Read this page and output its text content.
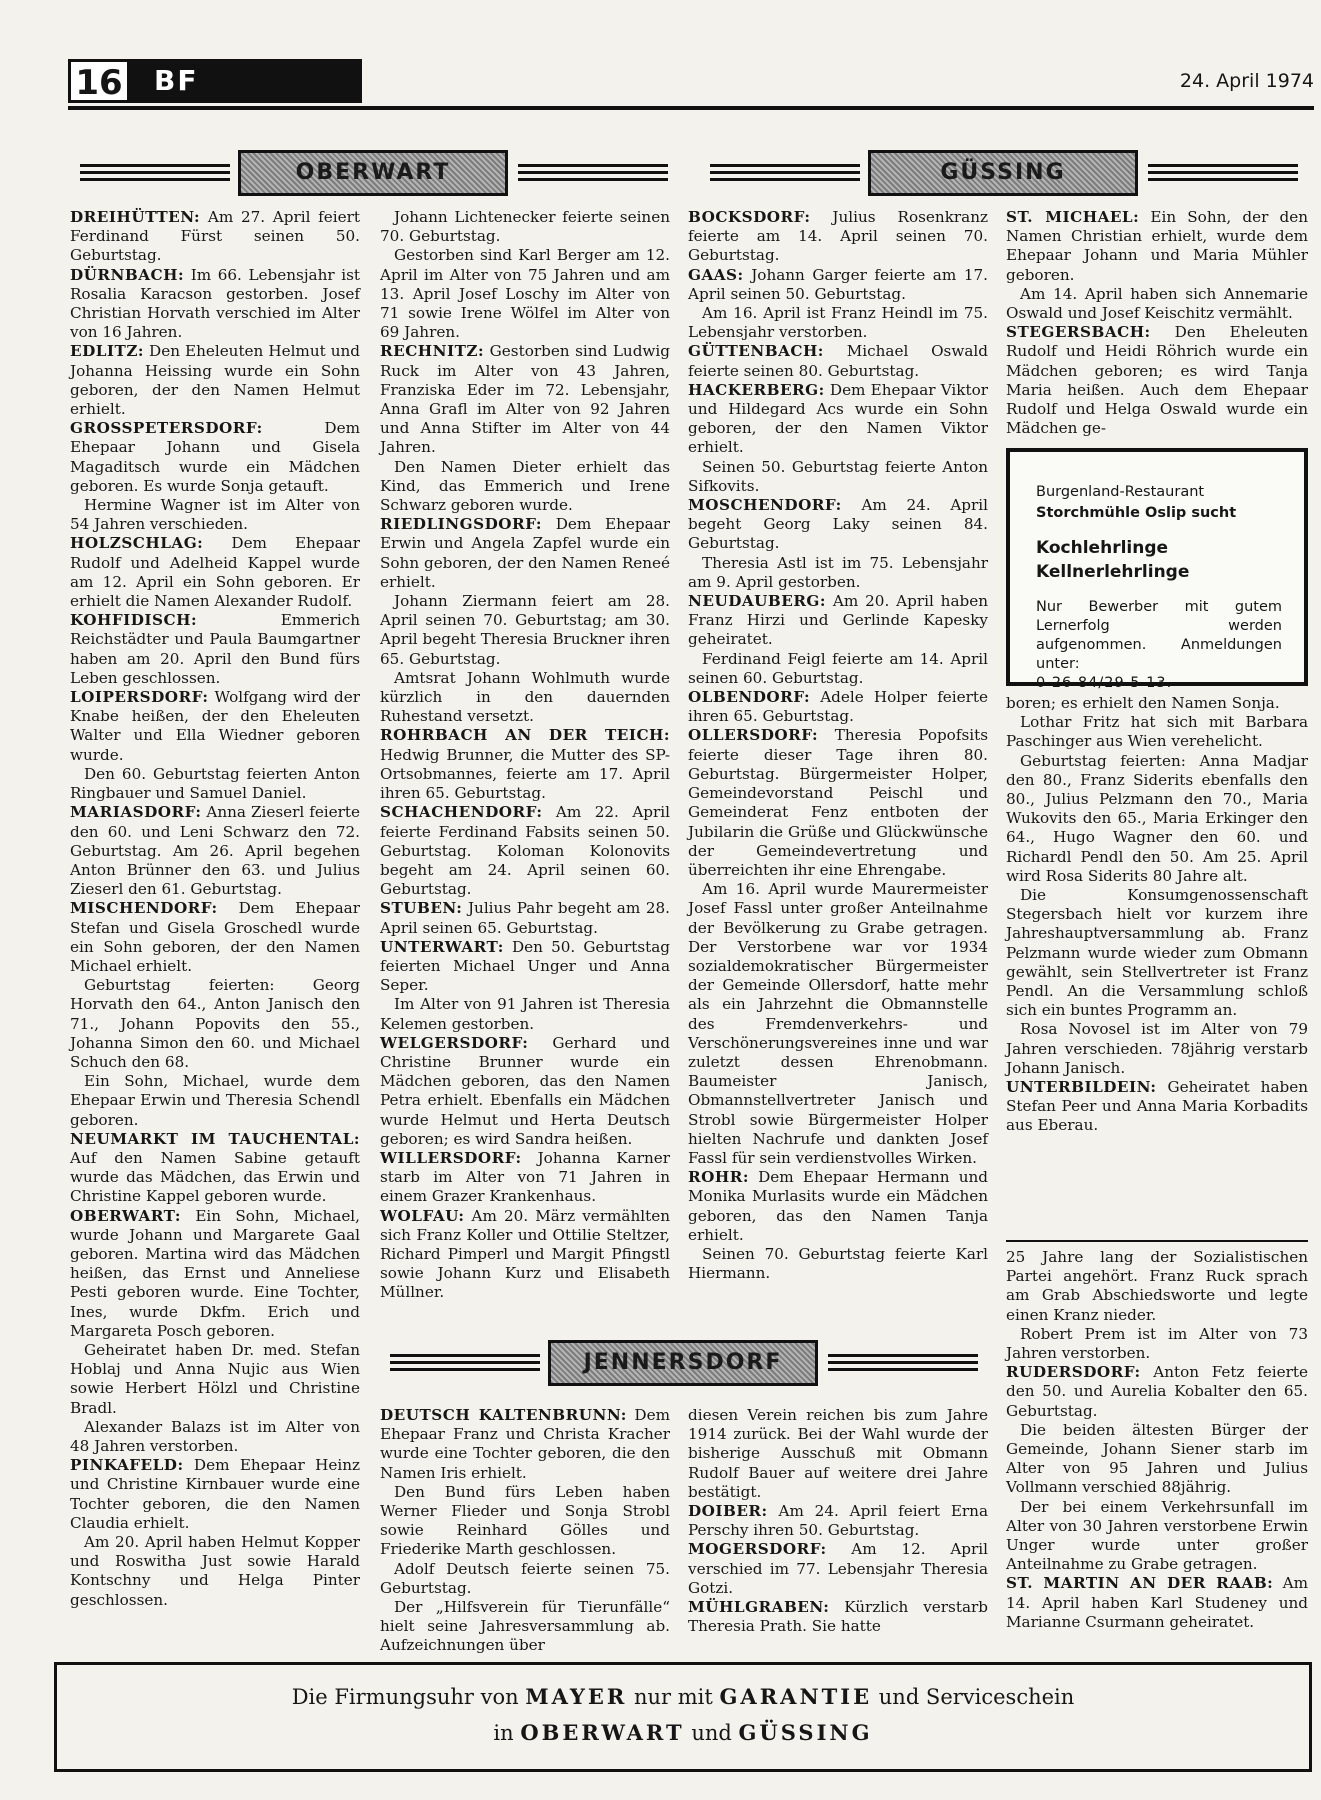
16	BF	24. April 1974
OBERWART	GÜSSING

DREIHÜTTEN: Am 27. April feiert Ferdinand Fürst seinen 50. Geburtstag.

DÜRNBACH: Im 66. Lebensjahr ist Rosalia Karacson gestorben. Josef Christian Horvath verschied im Alter von 16 Jahren.

EDLITZ: Den Eheleuten Helmut und Johanna Heissing wurde ein Sohn geboren, der den Namen Helmut erhielt.

GROSSPETERSDORF: Dem Ehepaar Johann und Gisela Magaditsch wurde ein Mädchen geboren. Es wurde Sonja getauft.

Hermine Wagner ist im Alter von 54 Jahren verschieden.

HOLZSCHLAG: Dem Ehepaar Rudolf und Adelheid Kappel wurde am 12. April ein Sohn geboren. Er erhielt die Namen Alexander Rudolf.

KOHFIDISCH: Emmerich Reichstädter und Paula Baumgartner haben am 20. April den Bund fürs Leben geschlossen.

LOIPERSDORF: Wolfgang wird der Knabe heißen, der den Eheleuten Walter und Ella Wiedner geboren wurde.

Den 60. Geburtstag feierten Anton Ringbauer und Samuel Daniel.

MARIASDORF: Anna Zieserl feierte den 60. und Leni Schwarz den 72. Geburtstag. Am 26. April begehen Anton Brünner den 63. und Julius Zieserl den 61. Geburtstag.

MISCHENDORF: Dem Ehepaar Stefan und Gisela Groschedl wurde ein Sohn geboren, der den Namen Michael erhielt.

Geburtstag feierten: Georg Horvath den 64., Anton Janisch den 71., Johann Popovits den 55., Johanna Simon den 60. und Michael Schuch den 68.

Ein Sohn, Michael, wurde dem Ehepaar Erwin und Theresia Schendl geboren.

NEUMARKT IM TAUCHENTAL: Auf den Namen Sabine getauft wurde das Mädchen, das Erwin und Christine Kappel geboren wurde.

OBERWART: Ein Sohn, Michael, wurde Johann und Margarete Gaal geboren. Martina wird das Mädchen heißen, das Ernst und Anneliese Pesti geboren wurde. Eine Tochter, Ines, wurde Dkfm. Erich und Margareta Posch geboren.

Geheiratet haben Dr. med. Stefan Hoblaj und Anna Nujic aus Wien sowie Herbert Hölzl und Christine Bradl.

Alexander Balazs ist im Alter von 48 Jahren verstorben.

PINKAFELD: Dem Ehepaar Heinz und Christine Kirnbauer wurde eine Tochter geboren, die den Namen Claudia erhielt.

Am 20. April haben Helmut Kopper und Roswitha Just sowie Harald Kontschny und Helga Pinter geschlossen.

Johann Lichtenecker feierte seinen 70. Geburtstag.

Gestorben sind Karl Berger am 12. April im Alter von 75 Jahren und am 13. April Josef Loschy im Alter von 71 sowie Irene Wölfel im Alter von 69 Jahren.

RECHNITZ: Gestorben sind Ludwig Ruck im Alter von 43 Jahren, Franziska Eder im 72. Lebensjahr, Anna Grafl im Alter von 92 Jahren und Anna Stifter im Alter von 44 Jahren.

Den Namen Dieter erhielt das Kind, das Emmerich und Irene Schwarz geboren wurde.

RIEDLINGSDORF: Dem Ehepaar Erwin und Angela Zapfel wurde ein Sohn geboren, der den Namen Reneé erhielt.

Johann Ziermann feiert am 28. April seinen 70. Geburtstag; am 30. April begeht Theresia Bruckner ihren 65. Geburtstag.

Amtsrat Johann Wohlmuth wurde kürzlich in den dauernden Ruhestand versetzt.

ROHRBACH AN DER TEICH: Hedwig Brunner, die Mutter des SP-Ortsobmannes, feierte am 17. April ihren 65. Geburtstag.

SCHACHENDORF: Am 22. April feierte Ferdinand Fabsits seinen 50. Geburtstag. Koloman Kolonovits begeht am 24. April seinen 60. Geburtstag.

STUBEN: Julius Pahr begeht am 28. April seinen 65. Geburtstag.

UNTERWART: Den 50. Geburtstag feierten Michael Unger und Anna Seper.

Im Alter von 91 Jahren ist Theresia Kelemen gestorben.

WELGERSDORF: Gerhard und Christine Brunner wurde ein Mädchen geboren, das den Namen Petra erhielt. Ebenfalls ein Mädchen wurde Helmut und Herta Deutsch geboren; es wird Sandra heißen.

WILLERSDORF: Johanna Karner starb im Alter von 71 Jahren in einem Grazer Krankenhaus.

WOLFAU: Am 20. März vermählten sich Franz Koller und Ottilie Steltzer, Richard Pimperl und Margit Pfingstl sowie Johann Kurz und Elisabeth Müllner.

BOCKSDORF: Julius Rosenkranz feierte am 14. April seinen 70. Geburtstag.

GAAS: Johann Garger feierte am 17. April seinen 50. Geburtstag.

Am 16. April ist Franz Heindl im 75. Lebensjahr verstorben.

GÜTTENBACH: Michael Oswald feierte seinen 80. Geburtstag.

HACKERBERG: Dem Ehepaar Viktor und Hildegard Acs wurde ein Sohn geboren, der den Namen Viktor erhielt.

Seinen 50. Geburtstag feierte Anton Sifkovits.

MOSCHENDORF: Am 24. April begeht Georg Laky seinen 84. Geburtstag.

Theresia Astl ist im 75. Lebensjahr am 9. April gestorben.

NEUDAUBERG: Am 20. April haben Franz Hirzi und Gerlinde Kapesky geheiratet.

Ferdinand Feigl feierte am 14. April seinen 60. Geburtstag.

OLBENDORF: Adele Holper feierte ihren 65. Geburtstag.

OLLERSDORF: Theresia Popofsits feierte dieser Tage ihren 80. Geburtstag. Bürgermeister Holper, Gemeindevorstand Peischl und Gemeinderat Fenz entboten der Jubilarin die Grüße und Glückwünsche der Gemeindevertretung und überreichten ihr eine Ehrengabe.

Am 16. April wurde Maurermeister Josef Fassl unter großer Anteilnahme der Bevölkerung zu Grabe getragen. Der Verstorbene war vor 1934 sozialdemokratischer Bürgermeister der Gemeinde Ollersdorf, hatte mehr als ein Jahrzehnt die Obmannstelle des Fremdenverkehrs- und Verschönerungsvereines inne und war zuletzt dessen Ehrenobmann. Baumeister Janisch, Obmannstellvertreter Janisch und Strobl sowie Bürgermeister Holper hielten Nachrufe und dankten Josef Fassl für sein verdienstvolles Wirken.

ROHR: Dem Ehepaar Hermann und Monika Murlasits wurde ein Mädchen geboren, das den Namen Tanja erhielt.

Seinen 70. Geburtstag feierte Karl Hiermann.

ST. MICHAEL: Ein Sohn, der den Namen Christian erhielt, wurde dem Ehepaar Johann und Maria Mühler geboren.

Am 14. April haben sich Annemarie Oswald und Josef Keischitz vermählt.

STEGERSBACH: Den Eheleuten Rudolf und Heidi Röhrich wurde ein Mädchen geboren; es wird Tanja Maria heißen. Auch dem Ehepaar Rudolf und Helga Oswald wurde ein Mädchen ge-

Burgenland-Restaurant
Storchmühle Oslip sucht
Kochlehrlinge
Kellnerlehrlinge
Nur Bewerber mit gutem Lernerfolg werden aufgenommen. Anmeldungen unter:
0 26 84/29 5 13.

boren; es erhielt den Namen Sonja.

Lothar Fritz hat sich mit Barbara Paschinger aus Wien verehelicht.

Geburtstag feierten: Anna Madjar den 80., Franz Siderits ebenfalls den 80., Julius Pelzmann den 70., Maria Wukovits den 65., Maria Erkinger den 64., Hugo Wagner den 60. und Richardl Pendl den 50. Am 25. April wird Rosa Siderits 80 Jahre alt.

Die Konsumgenossenschaft Stegersbach hielt vor kurzem ihre Jahreshauptversammlung ab. Franz Pelzmann wurde wieder zum Obmann gewählt, sein Stellvertreter ist Franz Pendl. An die Versammlung schloß sich ein buntes Programm an.

Rosa Novosel ist im Alter von 79 Jahren verschieden. 78jährig verstarb Johann Janisch.

UNTERBILDEIN: Geheiratet haben Stefan Peer und Anna Maria Korbadits aus Eberau.

25 Jahre lang der Sozialistischen Partei angehört. Franz Ruck sprach am Grab Abschiedsworte und legte einen Kranz nieder.

Robert Prem ist im Alter von 73 Jahren verstorben.

RUDERSDORF: Anton Fetz feierte den 50. und Aurelia Kobalter den 65. Geburtstag.

Die beiden ältesten Bürger der Gemeinde, Johann Siener starb im Alter von 95 Jahren und Julius Vollmann verschied 88jährig.

Der bei einem Verkehrsunfall im Alter von 30 Jahren verstorbene Erwin Unger wurde unter großer Anteilnahme zu Grabe getragen.

ST. MARTIN AN DER RAAB: Am 14. April haben Karl Studeney und Marianne Csurmann geheiratet.

JENNERSDORF

DEUTSCH KALTENBRUNN: Dem Ehepaar Franz und Christa Kracher wurde eine Tochter geboren, die den Namen Iris erhielt.

Den Bund fürs Leben haben Werner Flieder und Sonja Strobl sowie Reinhard Gölles und Friederike Marth geschlossen.

Adolf Deutsch feierte seinen 75. Geburtstag.

Der „Hilfsverein für Tierunfälle“ hielt seine Jahresversammlung ab. Aufzeichnungen über

diesen Verein reichen bis zum Jahre 1914 zurück. Bei der Wahl wurde der bisherige Ausschuß mit Obmann Rudolf Bauer auf weitere drei Jahre bestätigt.

DOIBER: Am 24. April feiert Erna Perschy ihren 50. Geburtstag.

MOGERSDORF: Am 12. April verschied im 77. Lebensjahr Theresia Gotzi.

MÜHLGRABEN: Kürzlich verstarb Theresia Prath. Sie hatte

Die Firmungsuhr von MAYER nur mit GARANTIE und Serviceschein
in OBERWART und GÜSSING
